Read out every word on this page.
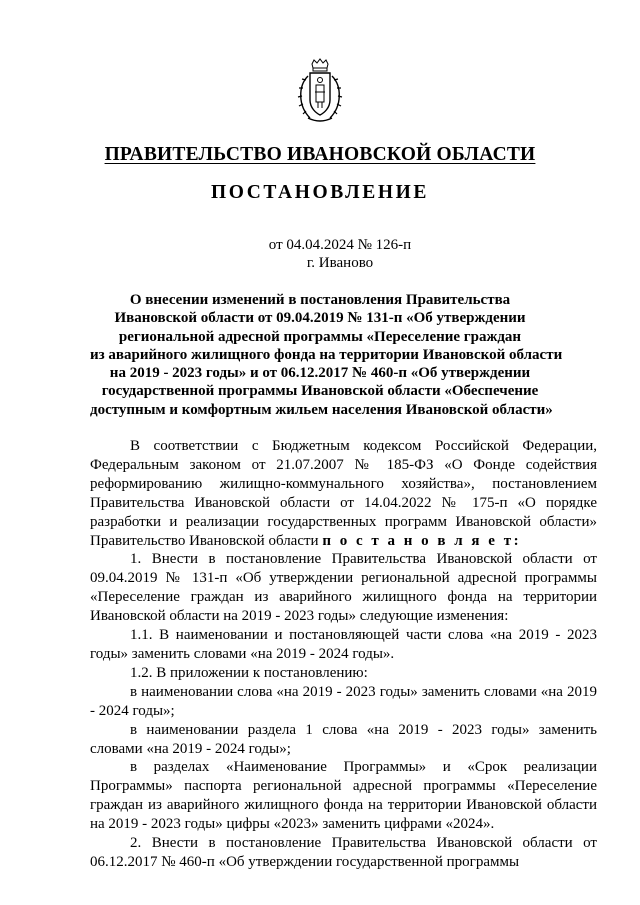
ПРАВИТЕЛЬСТВО ИВАНОВСКОЙ ОБЛАСТИ
ПОСТАНОВЛЕНИЕ
от 04.04.2024 № 126-п
г. Иваново
О внесении изменений в постановления Правительства
Ивановской области от 09.04.2019 № 131-п «Об утверждении
региональной адресной программы «Переселение граждан
из аварийного жилищного фонда на территории Ивановской области
на 2019 - 2023 годы» и от 06.12.2017 № 460-п «Об утверждении
государственной программы Ивановской области «Обеспечение
доступным и комфортным жильем населения Ивановской области»

В соответствии с Бюджетным кодексом Российской Федерации, Федеральным законом от 21.07.2007 № 185-ФЗ «О Фонде содействия реформированию жилищно-коммунального хозяйства», постановлением Правительства Ивановской области от 14.04.2022 № 175-п «О порядке разработки и реализации государственных программ Ивановской области» Правительство Ивановской области п о с т а н о в л я е т:

1. Внести в постановление Правительства Ивановской области от 09.04.2019 № 131-п «Об утверждении региональной адресной программы «Переселение граждан из аварийного жилищного фонда на территории Ивановской области на 2019 - 2023 годы» следующие изменения:

1.1. В наименовании и постановляющей части слова «на 2019 - 2023 годы» заменить словами «на 2019 - 2024 годы».

1.2. В приложении к постановлению:

в наименовании слова «на 2019 - 2023 годы» заменить словами «на 2019 - 2024 годы»;

в наименовании раздела 1 слова «на 2019 - 2023 годы» заменить словами «на 2019 - 2024 годы»;

в разделах «Наименование Программы» и «Срок реализации Программы» паспорта региональной адресной программы «Переселение граждан из аварийного жилищного фонда на территории Ивановской области на 2019 - 2023 годы» цифры «2023» заменить цифрами «2024».

2. Внести в постановление Правительства Ивановской области от 06.12.2017 № 460-п «Об утверждении государственной программы
